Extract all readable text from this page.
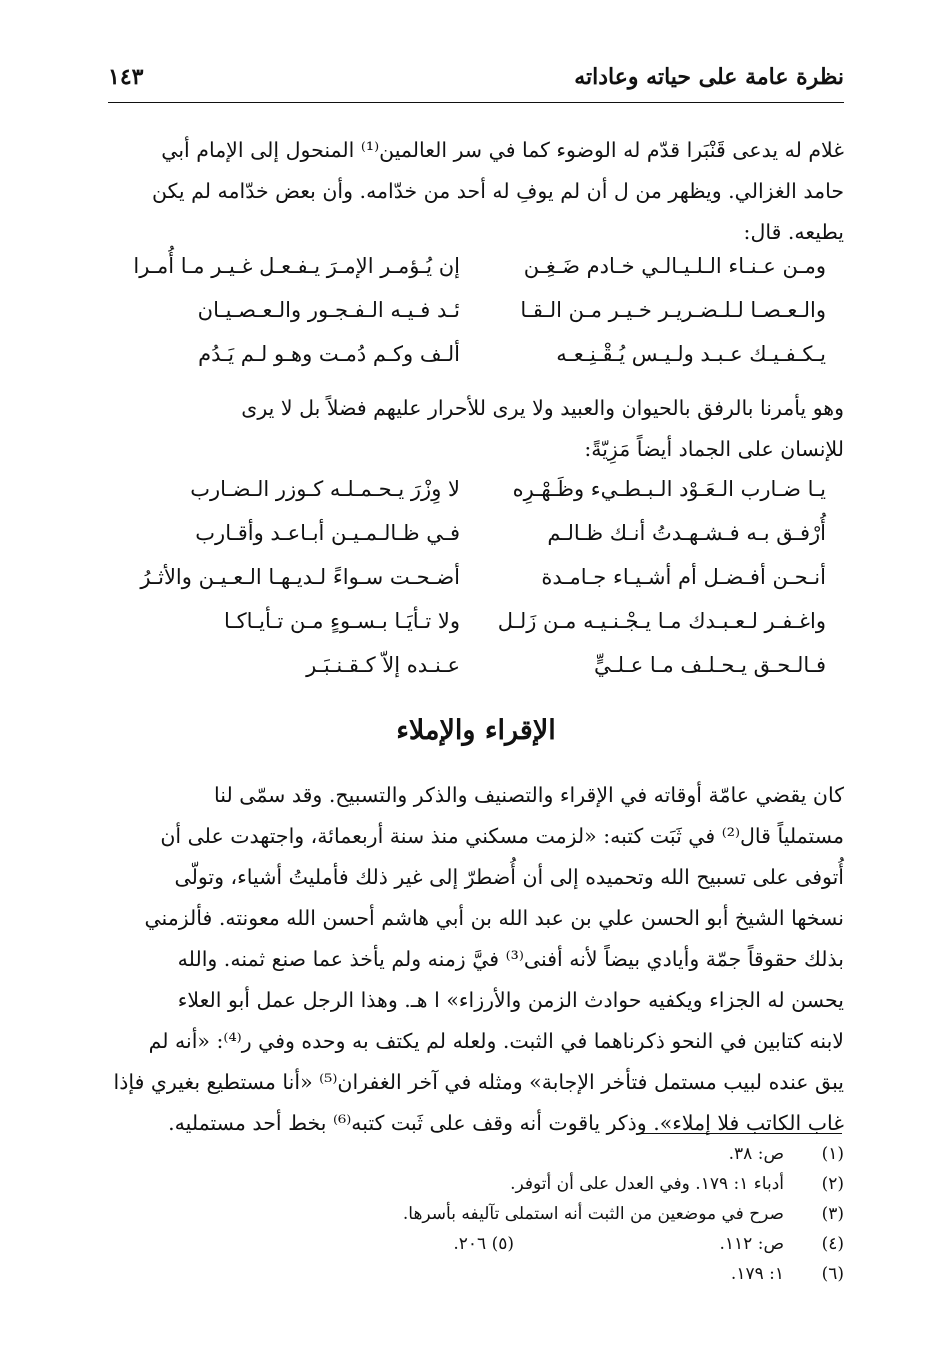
نظرة عامة على حياته وعاداته
١٤٣
غلام له يدعى قَنْبَرا قدّم له الوضوء كما في سر العالمين⁽¹⁾ المنحول إلى الإمام أبي
حامد الغزالي. ويظهر من ل أن لم يوفِ له أحد من خدّامه. وأن بعض خدّامه لم يكن
يطيعه. قال:
ومـن عـنـاء الـلـيـالـي خـادم ضَـغِـن
إن يُـؤمـر الإمـرَ يـفـعـل غـيـر مـا أُمـرا
والـعـصـا لـلـضـريـر خـيـر مـن الـقـا
ئـد فـيـه الـفـجـور والـعـصـيـان
يـكـفـيـك عـبـد ولـيـس يُـقْـنِـعـه
ألـف وكـم دُمـت وهـو لـم يَـدُم
وهو يأمرنا بالرفق بالحيوان والعبيد ولا يرى للأحرار عليهم فضلاً بل لا يرى
للإنسان على الجماد أيضاً مَزِيّةً:
يـا ضـارب الـعَـوْد الـبـطـيء وظَـهْـرِه
لا وِزْرَ يـحـمـلـه كـوزر الـضـارب
أُرْفـق بـه فـشـهـدتُ أنـك ظـالـم
فـي ظـالـمـيـن أبـاعـد وأقـارب
أنـحـن أفـضـل أم أشـيـاء جـامـدة
أضـحـت سـواءً لـديـهـا الـعـيـن والأثـرُ
واغـفـر لـعـبـدك مـا يـجْـنـيـه مـن زَلـل
ولا تـأيَـا بـسـوءٍ مـن تـأيـاكـا
فـالـحـق يـحـلـف مـا عـلـيٍّ
عـنـده إلاّ كـقـنـبَـر
الإقراء والإملاء
كان يقضي عامّة أوقاته في الإقراء والتصنيف والذكر والتسبيح. وقد سمّى لنا
مستملياً قال⁽²⁾ في ثَبَت كتبه: «لزمت مسكني منذ سنة أربعمائة، واجتهدت على أن
أُتوفى على تسبيح الله وتحميده إلى أن أُضطرّ إلى غير ذلك فأمليتُ أشياء، وتولّى
نسخها الشيخ أبو الحسن علي بن عبد الله بن أبي هاشم أحسن الله معونته. فألزمني
بذلك حقوقاً جمّة وأيادي بيضاً لأنه أفنى⁽³⁾ فيَّ زمنه ولم يأخذ عما صنع ثمنه. والله
يحسن له الجزاء ويكفيه حوادث الزمن والأرزاء» ا هـ. وهذا الرجل عمل أبو العلاء
لابنه كتابين في النحو ذكرناهما في الثبت. ولعله لم يكتف به وحده وفي ر⁽⁴⁾: «أنه لم
يبق عنده لبيب مستمل فتأخر الإجابة» ومثله في آخر الغفران⁽⁵⁾ «أنا مستطيع بغيري فإذا
غاب الكاتب فلا إملاء». وذكر ياقوت أنه وقف على ثَبت كتبه⁽⁶⁾ بخط أحد مستمليه.
(١)
ص: ٣٨.
(٢)
أدباء ١: ١٧٩. وفي العدل على أن أتوفر.
(٣)
صرح في موضعين من الثبت أنه استملى تآليفه بأسرها.
(٤)
ص: ١١٢.
(٥) ٢٠٦.
(٦)
١: ١٧٩.
